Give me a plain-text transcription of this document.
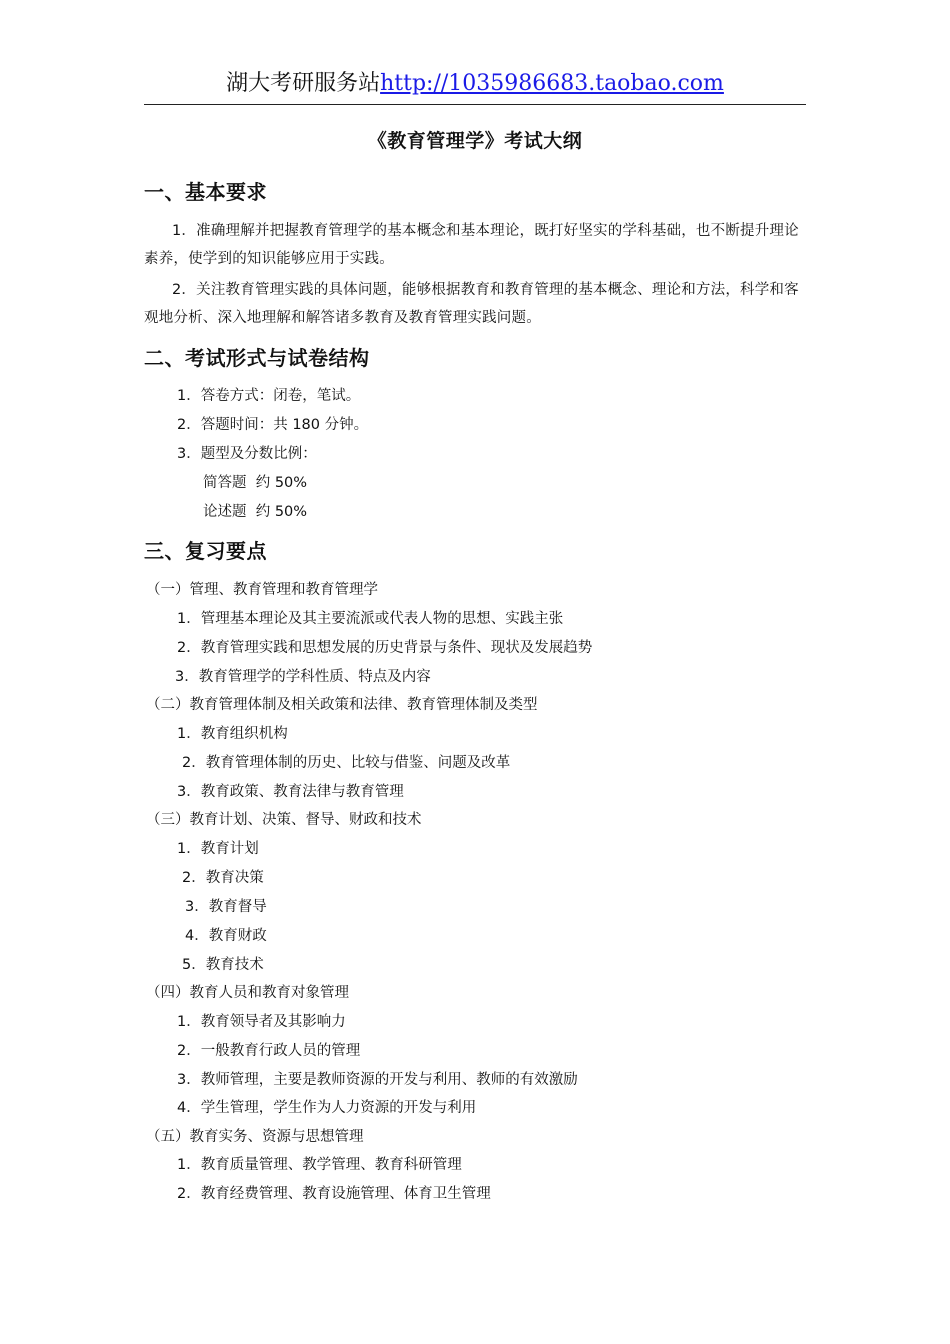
湖大考研服务站http://1035986683.taobao.com
《教育管理学》考试大纲
一、基本要求
1．准确理解并把握教育管理学的基本概念和基本理论，既打好坚实的学科基础，也不断提升理论素养，使学到的知识能够应用于实践。
2．关注教育管理实践的具体问题，能够根据教育和教育管理的基本概念、理论和方法，科学和客观地分析、深入地理解和解答诸多教育及教育管理实践问题。
二、考试形式与试卷结构
1．答卷方式：闭卷，笔试。
2．答题时间：共 180 分钟。
3．题型及分数比例：
简答题  约 50%
论述题  约 50%
三、复习要点
（一）管理、教育管理和教育管理学
1．管理基本理论及其主要流派或代表人物的思想、实践主张
2．教育管理实践和思想发展的历史背景与条件、现状及发展趋势
3．教育管理学的学科性质、特点及内容
（二）教育管理体制及相关政策和法律、教育管理体制及类型
1．教育组织机构
2．教育管理体制的历史、比较与借鉴、问题及改革
3．教育政策、教育法律与教育管理
（三）教育计划、决策、督导、财政和技术
1．教育计划
2．教育决策
3．教育督导
4．教育财政
5．教育技术
（四）教育人员和教育对象管理
1．教育领导者及其影响力
2．一般教育行政人员的管理
3．教师管理，主要是教师资源的开发与利用、教师的有效激励
4．学生管理，学生作为人力资源的开发与利用
（五）教育实务、资源与思想管理
1．教育质量管理、教学管理、教育科研管理
2．教育经费管理、教育设施管理、体育卫生管理
